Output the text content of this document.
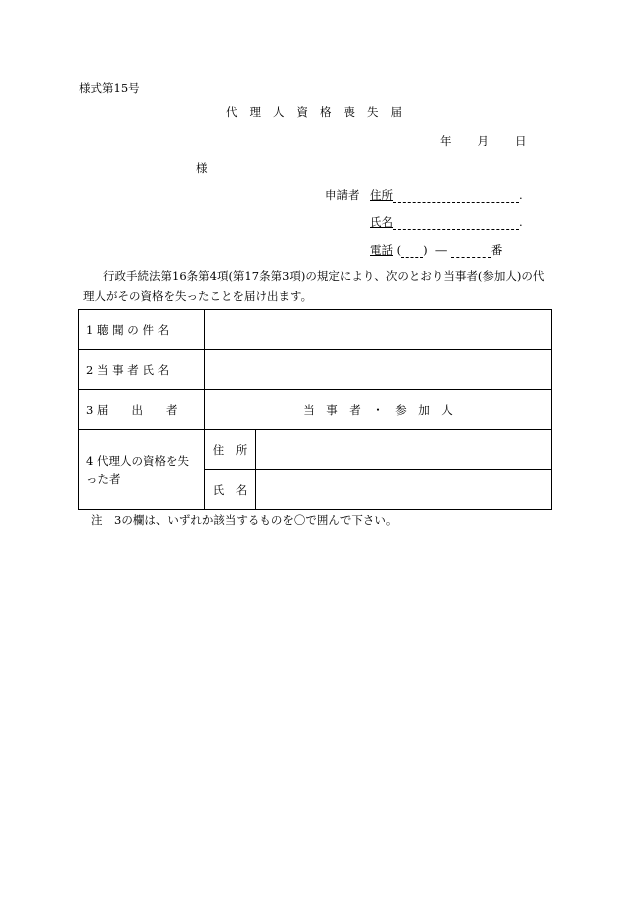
様式第15号
代 理 人 資 格 喪 失 届
年 月 日
様
申請者 住所	.
氏名	.
電話 ( ) ―	番
行政手続法第16条第4項(第17条第3項)の規定により、次のとおり当事者(参加人)の代理人がその資格を失ったことを届け出ます。
1 聴 聞 の 件 名		
2 当 事 者 氏 名		
3 届　　出　　者	当　事　者　・　参　加　人	
4 代理人の資格を失った者	住　所	
	氏　名	
注　3の欄は、いずれか該当するものを〇で囲んで下さい。
